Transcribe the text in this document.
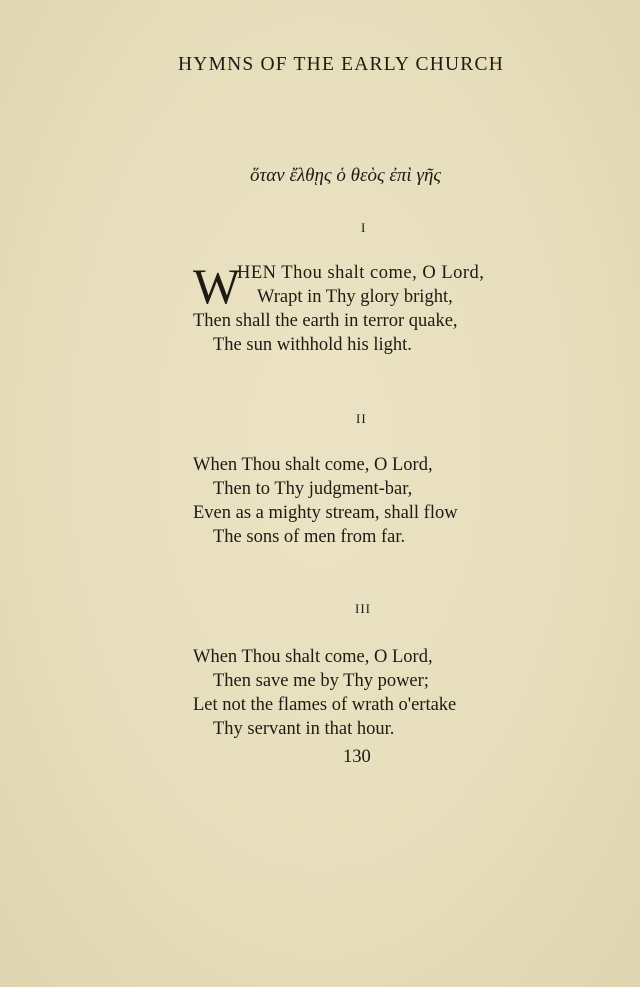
HYMNS OF THE EARLY CHURCH
ὅταν ἔλθῃς ὁ θεὸς ἐπὶ γῆς
I
W
HEN Thou shalt come, O Lord,
Wrapt in Thy glory bright,
Then shall the earth in terror quake,
The sun withhold his light.
II
When Thou shalt come, O Lord,
Then to Thy judgment-bar,
Even as a mighty stream, shall flow
The sons of men from far.
III
When Thou shalt come, O Lord,
Then save me by Thy power;
Let not the flames of wrath o'ertake
Thy servant in that hour.
130
